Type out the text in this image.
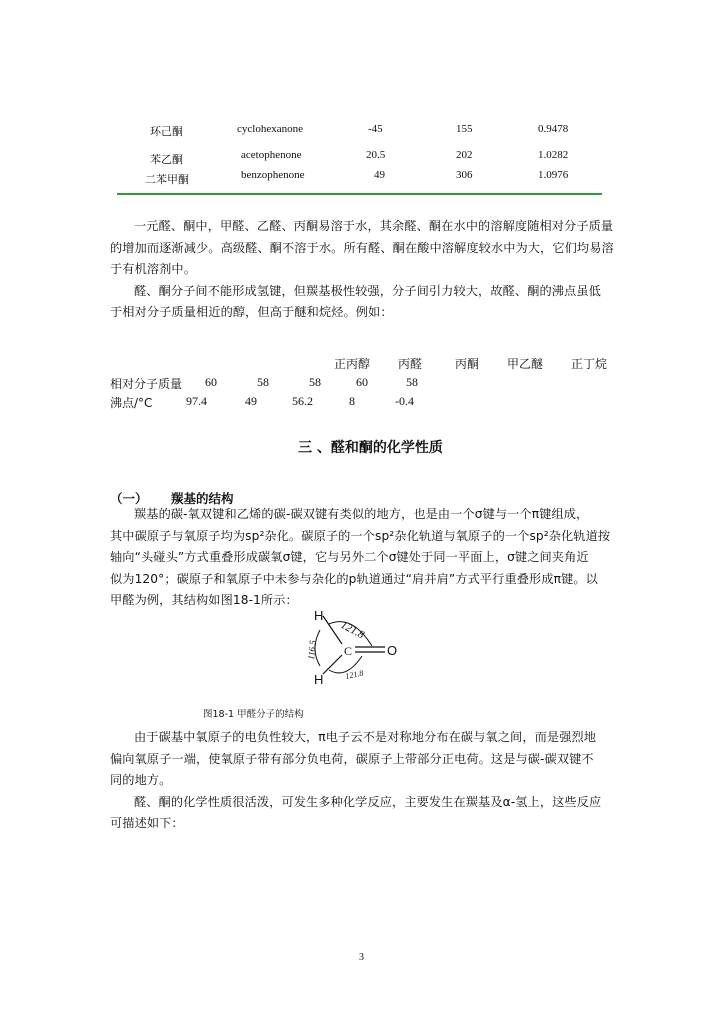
环己酮	cyclohexanone	-45	155	0.9478
苯乙酮	acetophenone	20.5	202	1.0282
二苯甲酮	benzophenone	49	306	1.0976
一元醛、酮中，甲醛、乙醛、丙酮易溶于水，其余醛、酮在水中的溶解度随相对分子质量
的增加而逐渐减少。高级醛、酮不溶于水。所有醛、酮在酸中溶解度较水中为大，它们均易溶
于有机溶剂中。
醛、酮分子间不能形成氢键，但羰基极性较强，分子间引力较大，故醛、酮的沸点虽低
于相对分子质量相近的醇，但高于醚和烷烃。例如：
正丙醇 丙醛	丙酮 甲乙醚 正丁烷
相对分子质量 60	58	58	60	58
沸点/°C	97.4	49	56.2	8	-0.4
三 、醛和酮的化学性质
（一） 羰基的结构
羰基的碳-氧双键和乙烯的碳-碳双键有类似的地方，也是由一个σ键与一个π键组成，
其中碳原子与氧原子均为sp²杂化。碳原子的一个sp²杂化轨道与氧原子的一个sp²杂化轨道按
轴向“头碰头”方式重叠形成碳氧σ键，它与另外二个σ键处于同一平面上，σ键之间夹角近
似为120°；碳原子和氧原子中未参与杂化的p轨道通过“肩并肩”方式平行重叠形成π键。以
甲醛为例，其结构如图18-1所示：
H
H
C	O
121.8
116.5
121.8
图18-1 甲醛分子的结构
由于碳基中氧原子的电负性较大，π电子云不是对称地分布在碳与氧之间，而是强烈地
偏向氧原子一端，使氧原子带有部分负电荷，碳原子上带部分正电荷。这是与碳-碳双键不
同的地方。
醛、酮的化学性质很活泼，可发生多种化学反应，主要发生在羰基及α-氢上，这些反应
可描述如下：
3
